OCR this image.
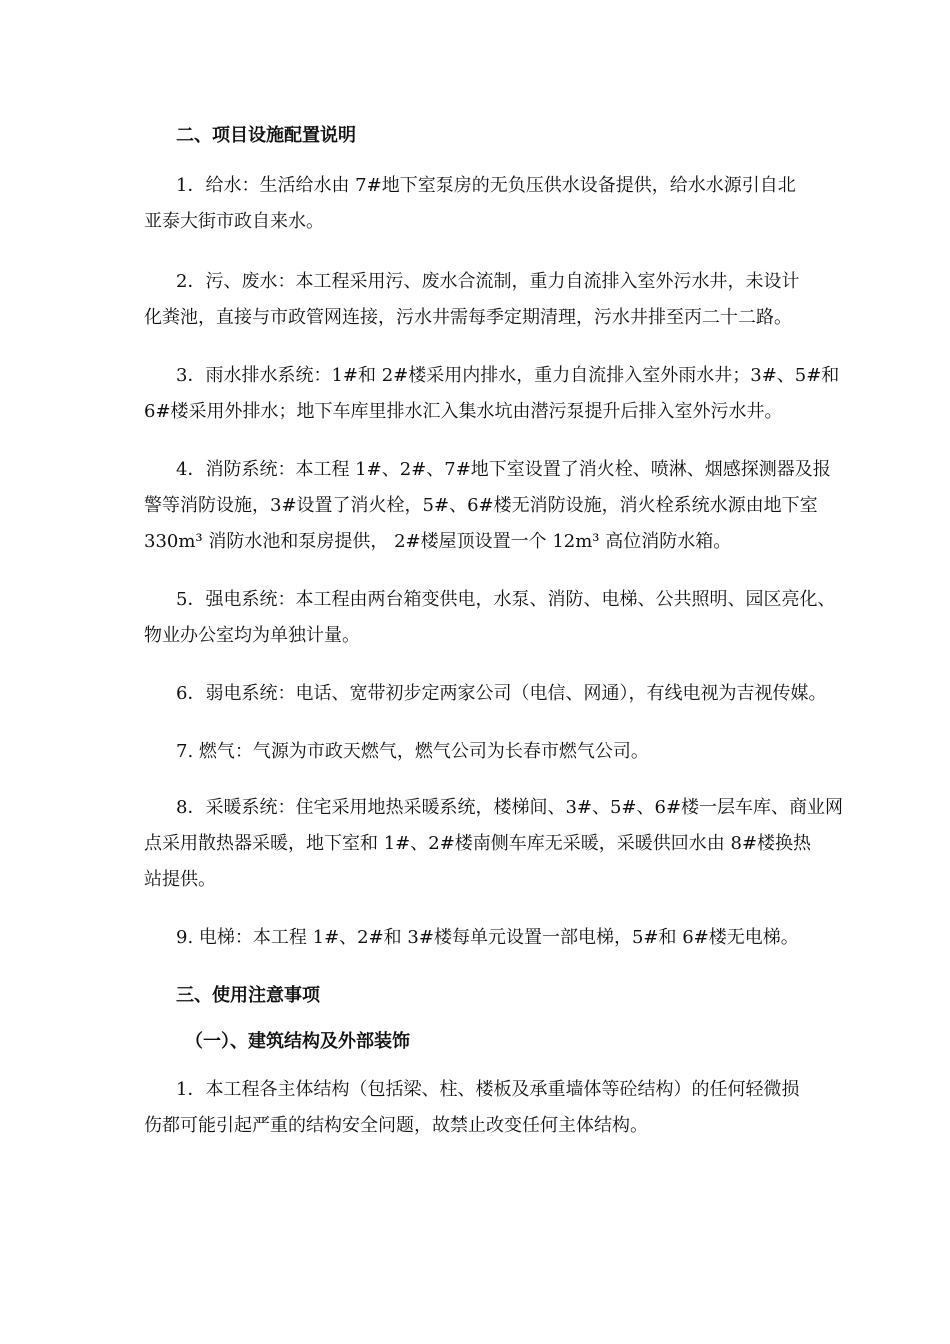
二、项目设施配置说明
1．给水：生活给水由 7#地下室泵房的无负压供水设备提供，给水水源引自北
亚泰大街市政自来水。
2．污、废水：本工程采用污、废水合流制，重力自流排入室外污水井，未设计
化粪池，直接与市政管网连接，污水井需每季定期清理，污水井排至丙二十二路。
3．雨水排水系统：1#和 2#楼采用内排水，重力自流排入室外雨水井；3#、5#和
6#楼采用外排水；地下车库里排水汇入集水坑由潜污泵提升后排入室外污水井。
4．消防系统：本工程 1#、2#、7#地下室设置了消火栓、喷淋、烟感探测器及报
警等消防设施，3#设置了消火栓，5#、6#楼无消防设施，消火栓系统水源由地下室
330m³ 消防水池和泵房提供， 2#楼屋顶设置一个 12m³ 高位消防水箱。
5．强电系统：本工程由两台箱变供电，水泵、消防、电梯、公共照明、园区亮化、
物业办公室均为单独计量。
6．弱电系统：电话、宽带初步定两家公司（电信、网通），有线电视为吉视传媒。
7. 燃气：气源为市政天燃气，燃气公司为长春市燃气公司。
8．采暖系统：住宅采用地热采暖系统，楼梯间、3#、5#、6#楼一层车库、商业网
点采用散热器采暖，地下室和 1#、2#楼南侧车库无采暖，采暖供回水由 8#楼换热
站提供。
9. 电梯：本工程 1#、2#和 3#楼每单元设置一部电梯，5#和 6#楼无电梯。
三、使用注意事项
（一）、建筑结构及外部装饰
1．本工程各主体结构（包括梁、柱、楼板及承重墙体等砼结构）的任何轻微损
伤都可能引起严重的结构安全问题，故禁止改变任何主体结构。
